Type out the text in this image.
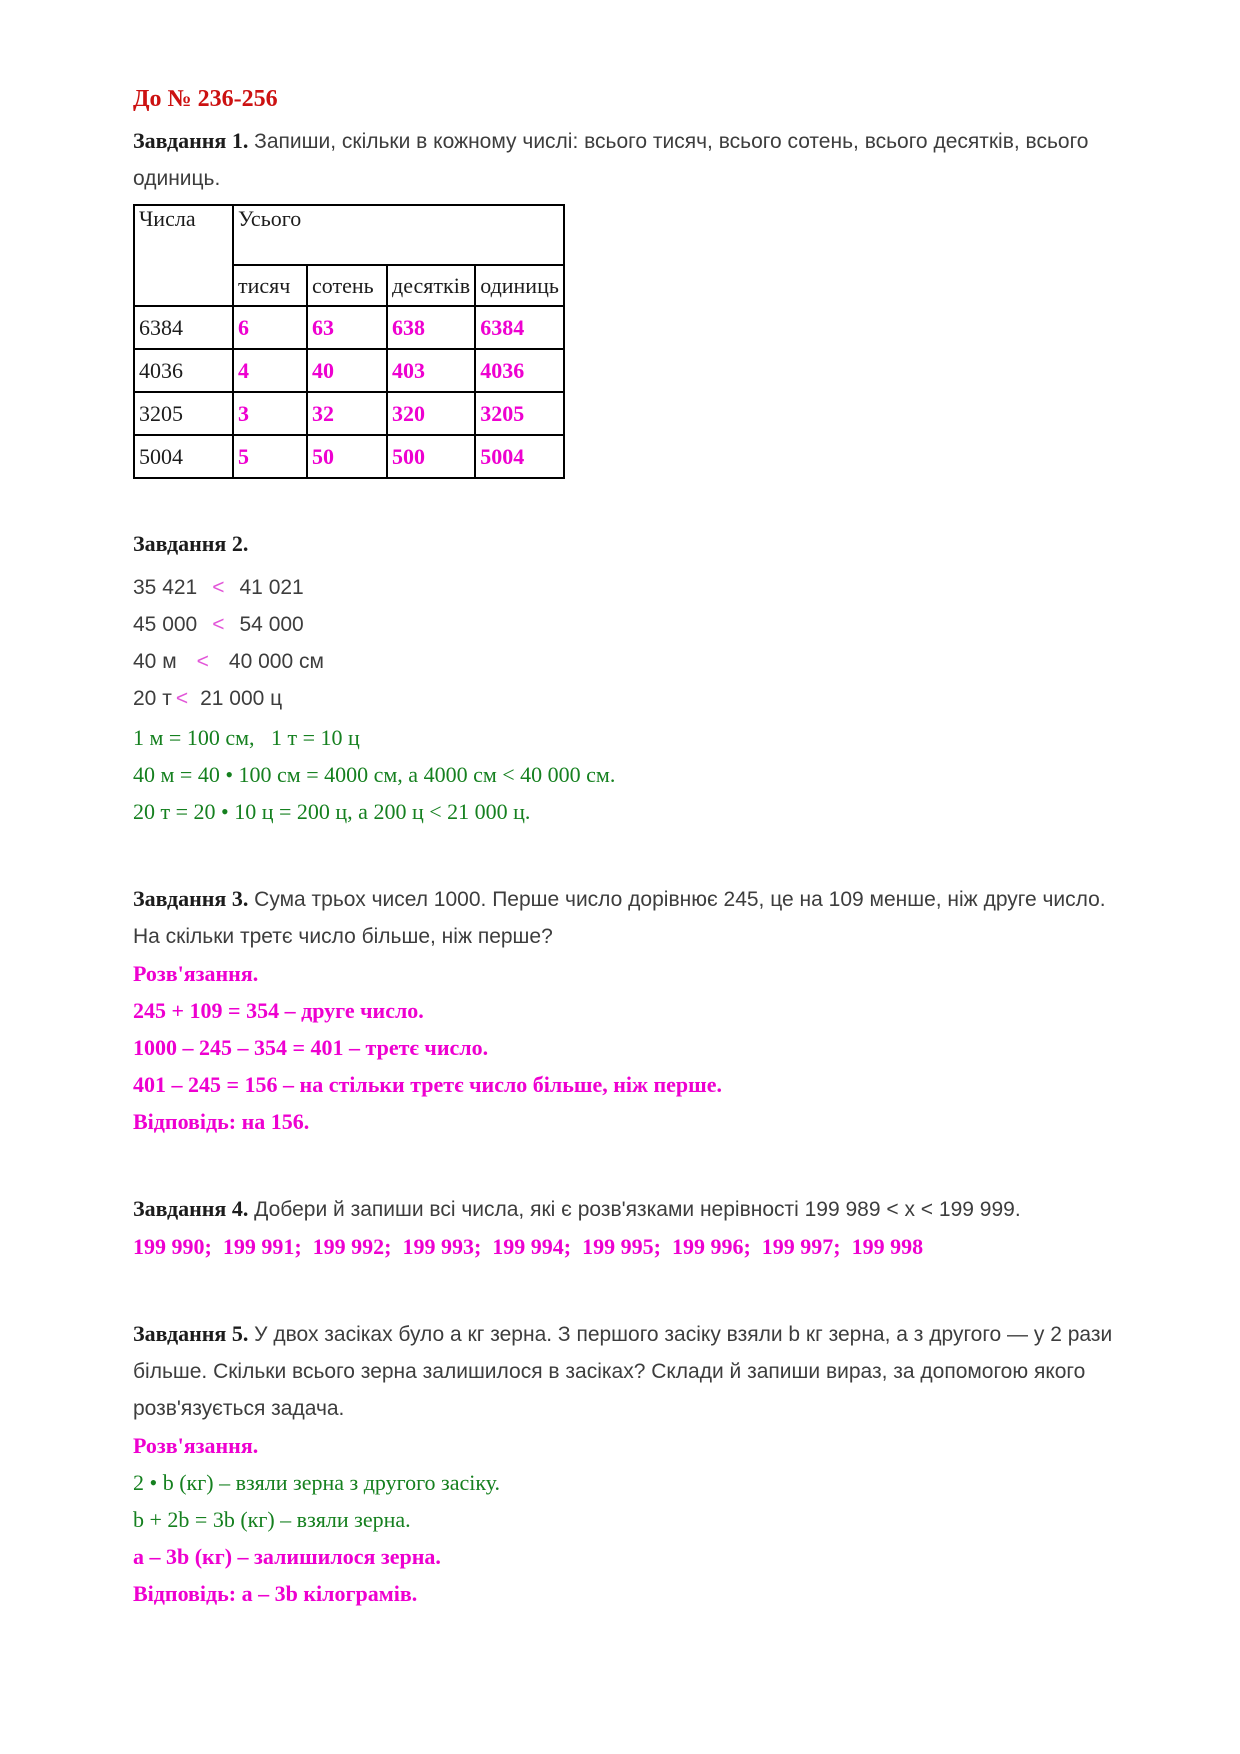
До № 236-256

Завдання 1. Запиши, скільки в кожному числі: всього тисяч, всього сотень, всього десятків, всього одиниць.

Числа	Усього			
	тисяч	сотень	десятків	одиниць
6384	6	63	638	6384
4036	4	40	403	4036
3205	3	32	320	3205
5004	5	50	500	5004
Завдання 2.
35 421 < 41 021
45 000 < 54 000
40 м < 40 000 см
20 т < 21 000 ц
1 м = 100 см,   1 т = 10 ц
40 м = 40 • 100 см = 4000 см, а 4000 см < 40 000 см.
20 т = 20 • 10 ц = 200 ц, а 200 ц < 21 000 ц.

Завдання 3. Сума трьох чисел 1000. Перше число дорівнює 245, це на 109 менше, ніж друге число. На скільки третє число більше, ніж перше?

Розв'язання.
245 + 109 = 354 – друге число.
1000 – 245 – 354 = 401 – третє число.
401 – 245 = 156 – на стільки третє число більше, ніж перше.
Відповідь: на 156.

Завдання 4. Добери й запиши всі числа, які є розв'язками нерівності 199 989 < x < 199 999.

199 990;  199 991;  199 992;  199 993;  199 994;  199 995;  199 996;  199 997;  199 998

Завдання 5. У двох засіках було а кг зерна. З першого засіку взяли b кг зерна, а з другого — у 2 рази більше. Скільки всього зерна залишилося в засіках? Склади й запиши вираз, за допомогою якого розв'язується задача.

Розв'язання.
2 • b (кг) – взяли зерна з другого засіку.
b + 2b = 3b (кг) – взяли зерна.
а – 3b (кг) – залишилося зерна.
Відповідь: а – 3b кілограмів.
